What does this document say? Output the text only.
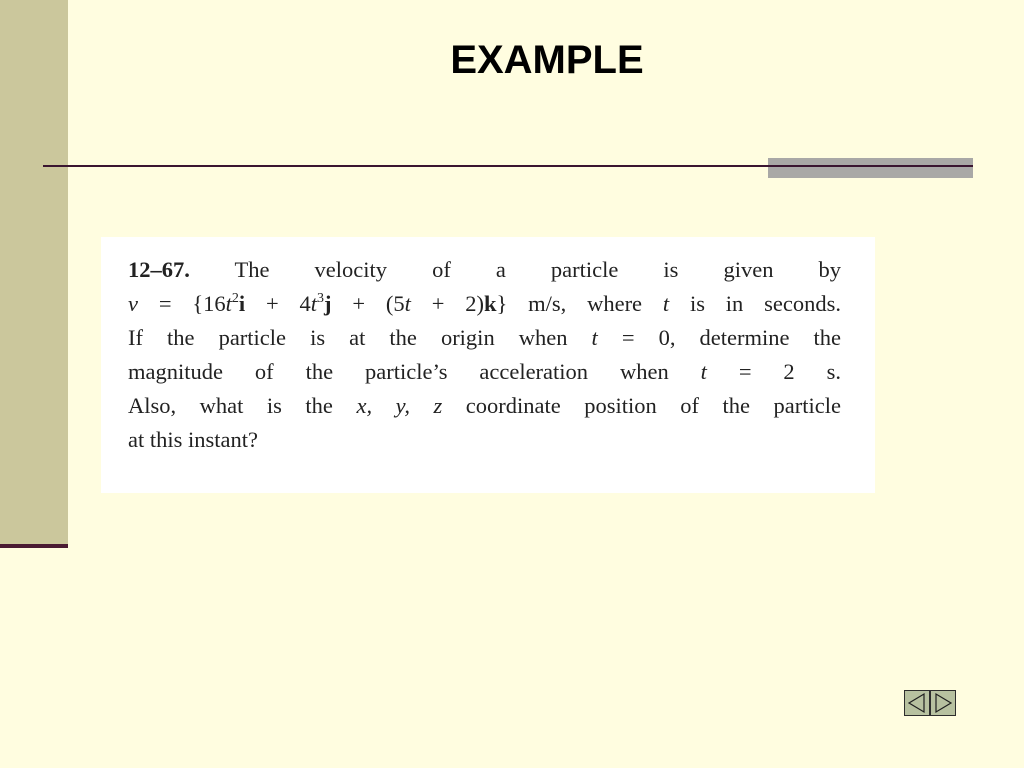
EXAMPLE
12–67. The velocity of a particle is given by
$v = \{16t^2i + 4t^3j + (5t + 2)k\}$ m/s, where t is in seconds.
If the particle is at the origin when t = 0, determine the
magnitude of the particle’s acceleration when t = 2 s.
Also, what is the x, y, z coordinate position of the particle
at this instant?
